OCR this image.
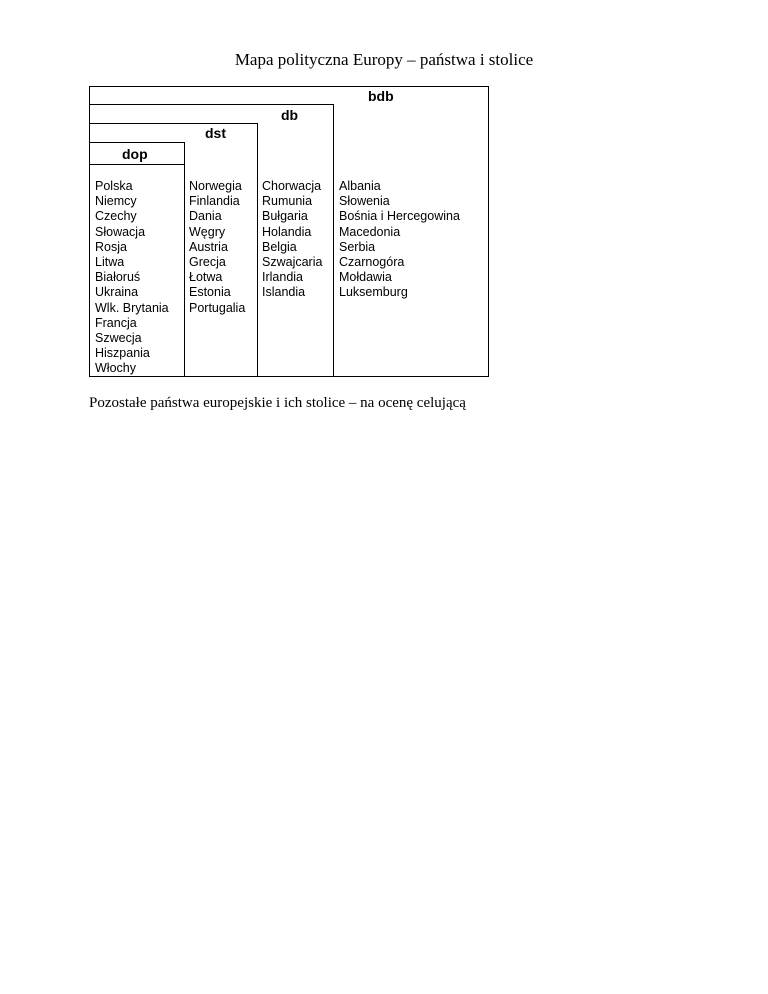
Mapa polityczna Europy – państwa i stolice
bdb
db
dst
dop
Polska
Niemcy
Czechy
Słowacja
Rosja
Litwa
Białoruś
Ukraina
Wlk. Brytania
Francja
Szwecja
Hiszpania
Włochy
Norwegia
Finlandia
Dania
Węgry
Austria
Grecja
Łotwa
Estonia
Portugalia
Chorwacja
Rumunia
Bułgaria
Holandia
Belgia
Szwajcaria
Irlandia
Islandia
Albania
Słowenia
Bośnia i Hercegowina
Macedonia
Serbia
Czarnogóra
Mołdawia
Luksemburg
Pozostałe państwa europejskie i ich stolice – na ocenę celującą
